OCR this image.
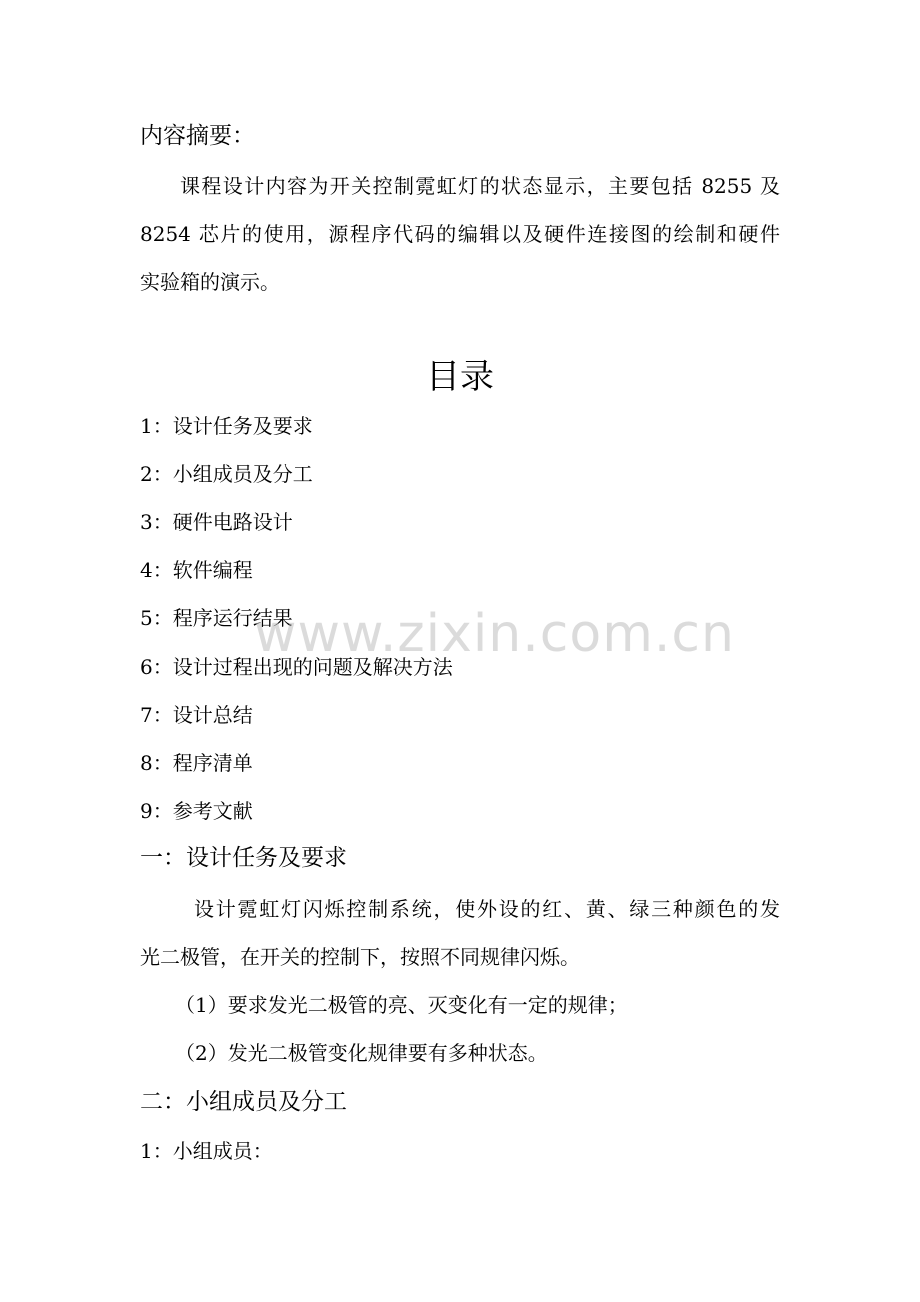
内容摘要：
课程设计内容为开关控制霓虹灯的状态显示，主要包括 8255 及
8254 芯片的使用，源程序代码的编辑以及硬件连接图的绘制和硬件
实验箱的演示。
目录
1：设计任务及要求
2：小组成员及分工
3：硬件电路设计
4：软件编程
5：程序运行结果
6：设计过程出现的问题及解决方法
7：设计总结
8：程序清单
9：参考文献
一：设计任务及要求
设计霓虹灯闪烁控制系统，使外设的红、黄、绿三种颜色的发
光二极管，在开关的控制下，按照不同规律闪烁。
（1）要求发光二极管的亮、灭变化有一定的规律；
（2）发光二极管变化规律要有多种状态。
二：小组成员及分工
1：小组成员：
www.zixin.com.cn
